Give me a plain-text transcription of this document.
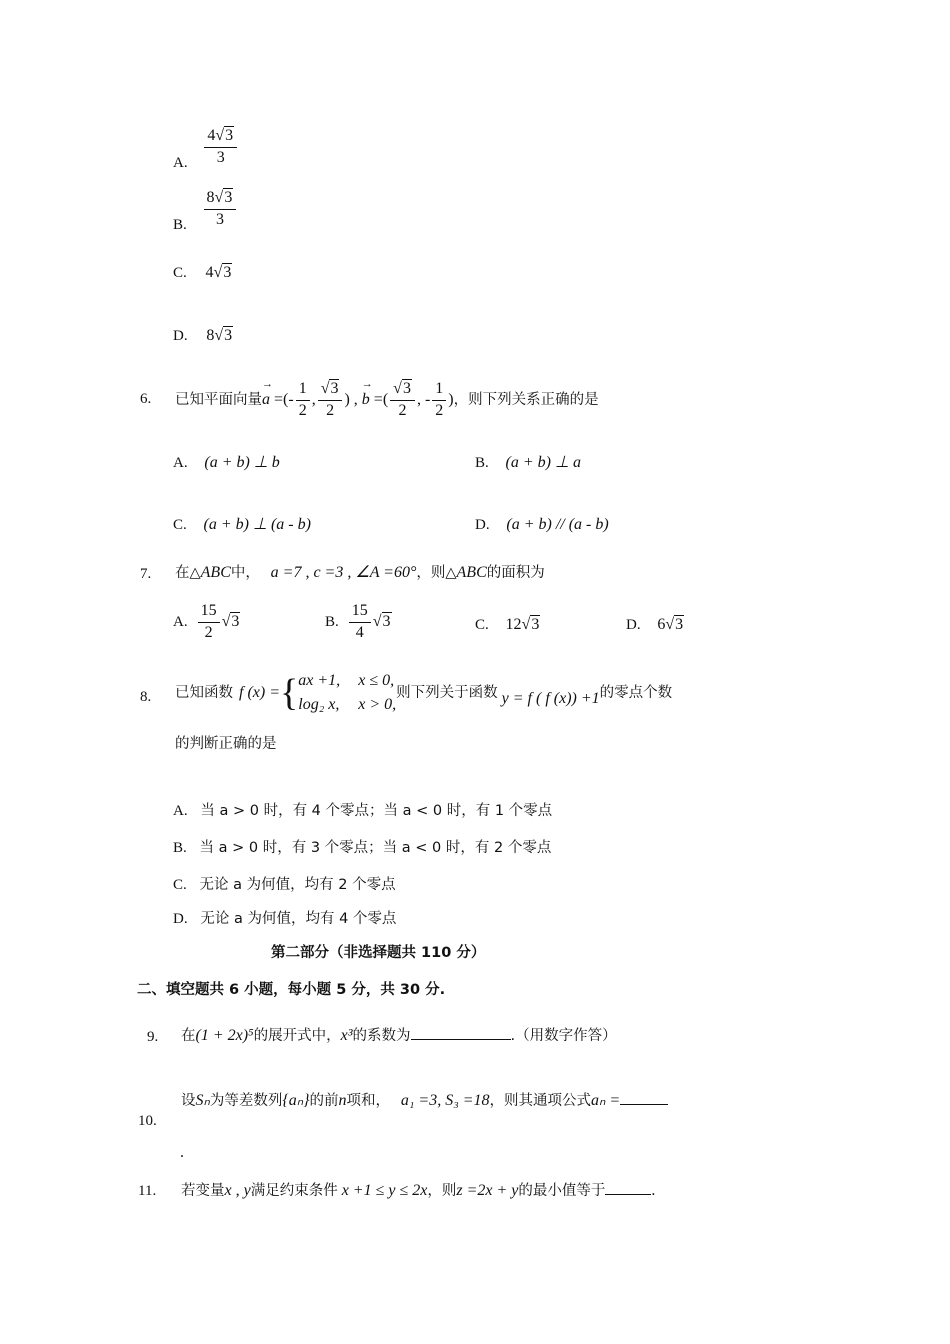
A. $\frac{4√3}{3}$
B. $\frac{8√3}{3}$
C. 4√3
D. 8√3
6. 已知平面向量 → a =(- $\frac{1}{2}$ , $\frac{√3}{2}$ ) , → b =( $\frac{√3}{2}$ , - $\frac{1}{2}$ ) ，则下列关系正确的是
A. (a + b) ⊥ b	B. (a + b) ⊥ a
C. (a + b) ⊥ (a - b)	D. (a + b) // (a - b)
7. 在△ABC中， a =7 , c =3 , ∠A =60°，则△ABC的面积为
A. $\frac{15}{2} √3$	B. $\frac{15}{4} √3$	C. 12√3	D. 6√3
8. 已知函数 f (x) = { ax +1, x ≤ 0,
log₂ x, x > 0,
则下列关于函数 y = f ( f (x)) +1 的零点个数
的判断正确的是
A. 当 a > 0 时，有 4 个零点；当 a < 0 时，有 1 个零点
B. 当 a > 0 时，有 3 个零点；当 a < 0 时，有 2 个零点
C. 无论 a 为何值，均有 2 个零点
D. 无论 a 为何值，均有 4 个零点
第二部分（非选择题共 110 分）
二、填空题共 6 小题，每小题 5 分，共 30 分.
9. 在(1 + 2x)⁵的展开式中，x³的系数为	.（用数字作答）
设Sₙ为等差数列{aₙ}的前n项和， a₁ =3, S₃ =18，则其通项公式aₙ =
10.
.
11. 若变量x , y满足约束条件 x +1 ≤ y ≤ 2x，则z =2x + y的最小值等于	.
